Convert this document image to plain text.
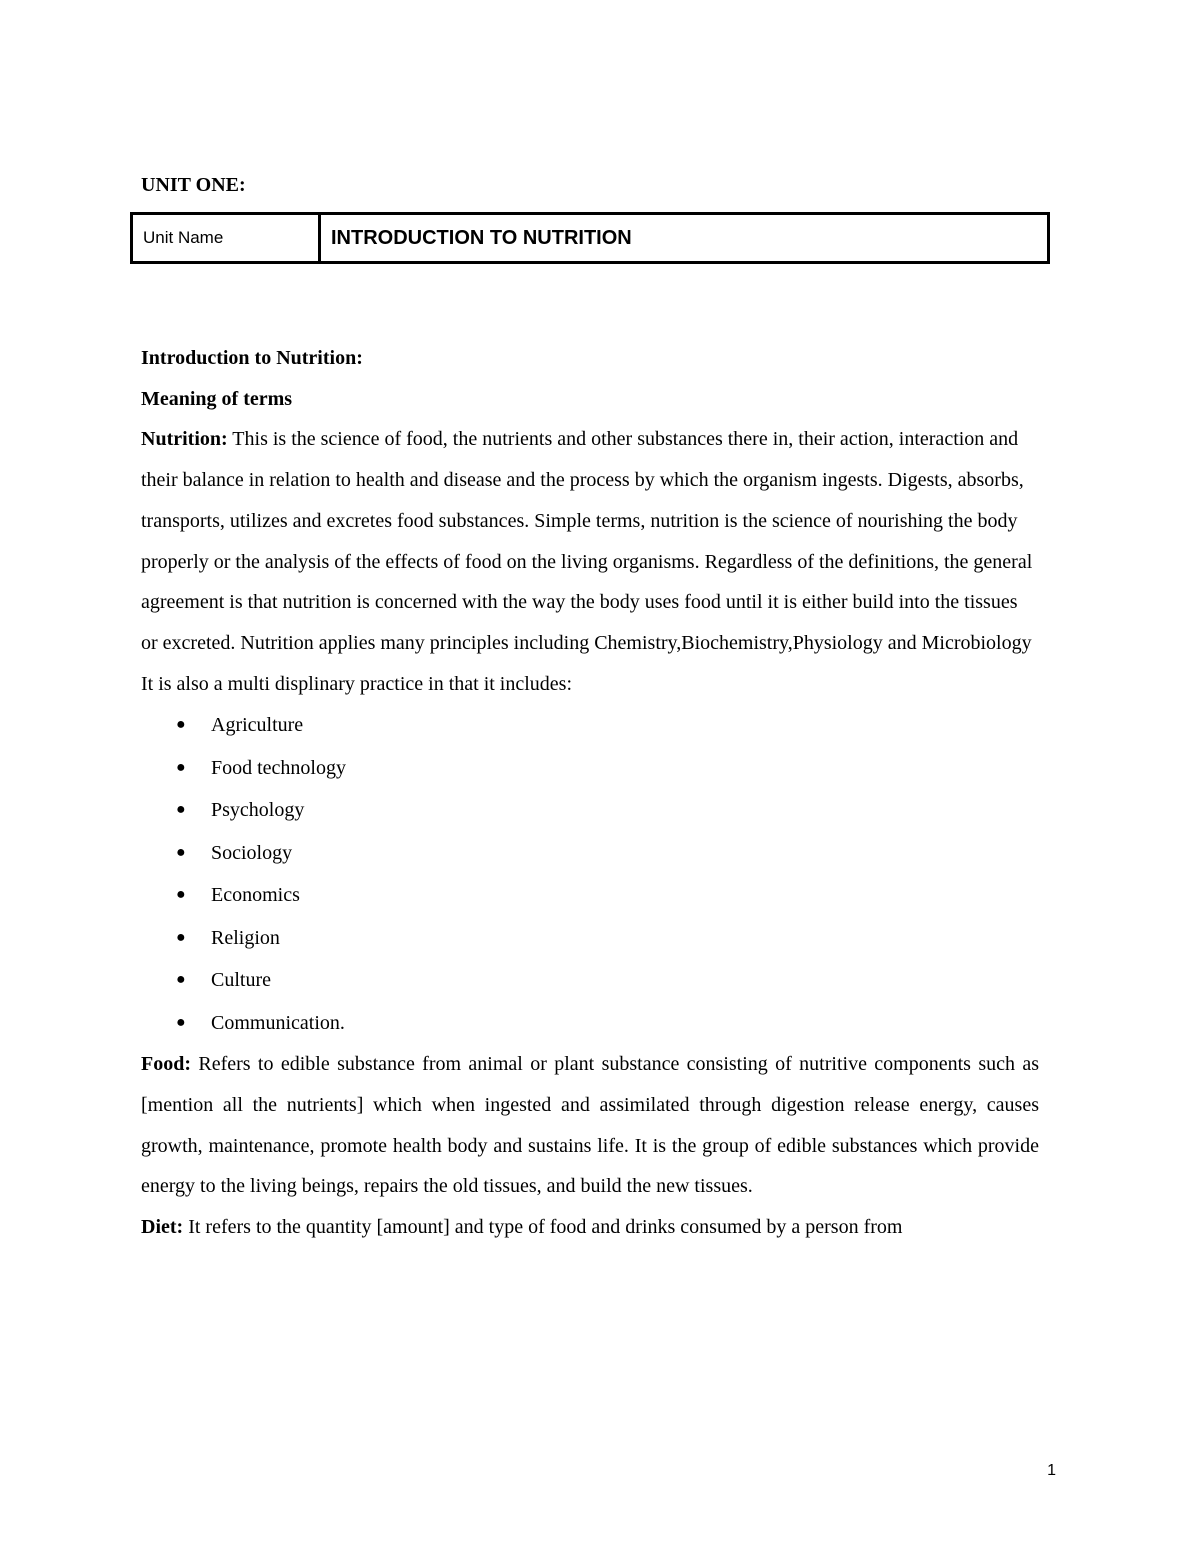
UNIT ONE:
Unit Name	INTRODUCTION TO NUTRITION

Introduction to Nutrition:

Meaning of terms

Nutrition: This is the science of food, the nutrients and other substances there in, their action, interaction and their balance in relation to health and disease and the process by which the organism ingests. Digests, absorbs, transports, utilizes and excretes food substances. Simple terms, nutrition is the science of nourishing the body properly or the analysis of the effects of food on the living organisms. Regardless of the definitions, the general agreement is that nutrition is concerned with the way the body uses food until it is either build into the tissues or excreted. Nutrition applies many principles including Chemistry,Biochemistry,Physiology and Microbiology

It is also a multi displinary practice in that it includes:

● Agriculture
● Food technology
● Psychology
● Sociology
● Economics
● Religion
● Culture
● Communication.

Food: Refers to edible substance from animal or plant substance consisting of nutritive components such as [mention all the nutrients] which when ingested and assimilated through digestion release energy, causes growth, maintenance, promote health body and sustains life. It is the group of edible substances which provide energy to the living beings, repairs the old tissues, and build the new tissues.

Diet: It refers to the quantity [amount] and type of food and drinks consumed by a person from

1
